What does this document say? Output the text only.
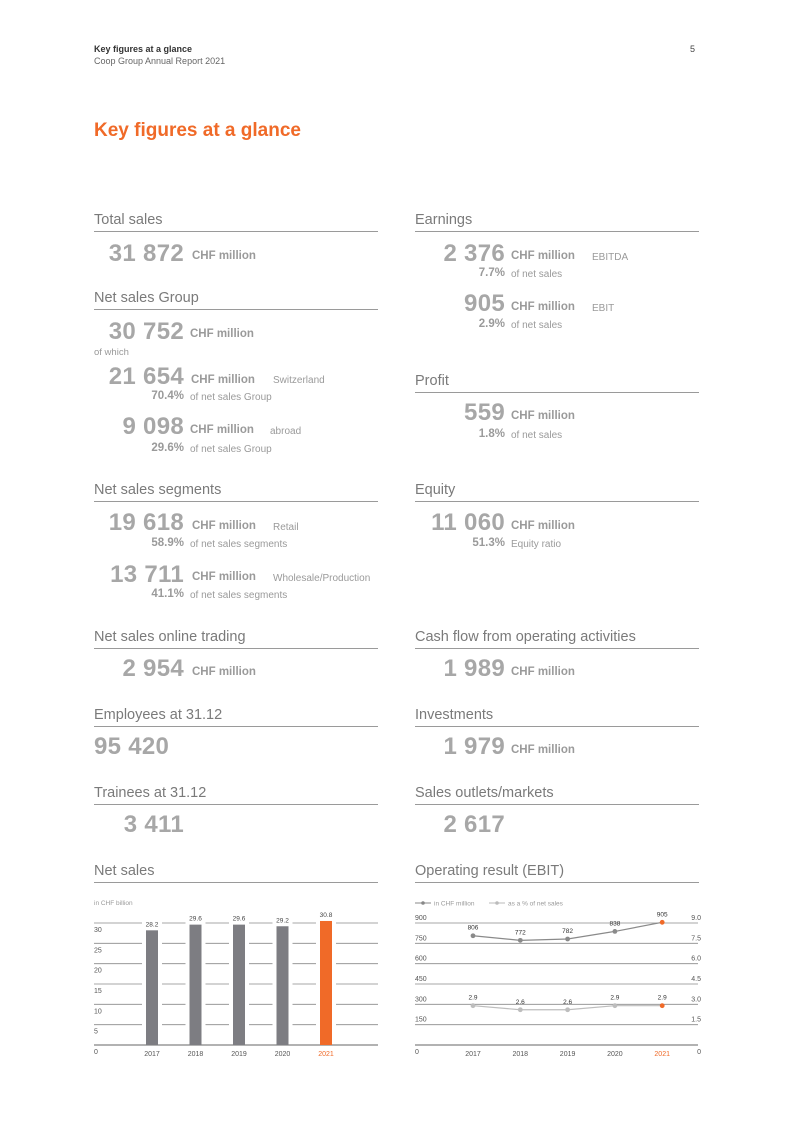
Key figures at a glance
Coop Group Annual Report 2021
5
Key figures at a glance
Total sales
31 872 CHF million
Net sales Group
30 752 CHF million
of which
21 654 CHF million Switzerland
70.4% of net sales Group
9 098 CHF million abroad
29.6% of net sales Group
Net sales segments
19 618 CHF million Retail
58.9% of net sales segments
13 711 CHF million Wholesale/Production
41.1% of net sales segments
Net sales online trading
2 954 CHF million
Employees at 31.12
95 420
Trainees at 31.12
3 411
Net sales
Earnings
2 376 CHF million EBITDA
7.7% of net sales
905 CHF million EBIT
2.9% of net sales
Profit
559 CHF million
1.8% of net sales
Equity
11 060 CHF million
51.3% Equity ratio
Cash flow from operating activities
1 989 CHF million
Investments
1 979 CHF million
Sales outlets/markets
2 617
Operating result (EBIT)
in CHF billion
0
5
10
15
20
25
30
28.2
2017
29.6
2018
29.6
2019
29.2
2020
30.8
2021
in CHF million	as a % of net sales
0	0
150	1.5
300	3.0
450	4.5
600	6.0
750	7.5
900	9.0
806
772	782
838
905
2.9
2.6	2.6
2.9	2.9
2017	2018	2019	2020	2021
